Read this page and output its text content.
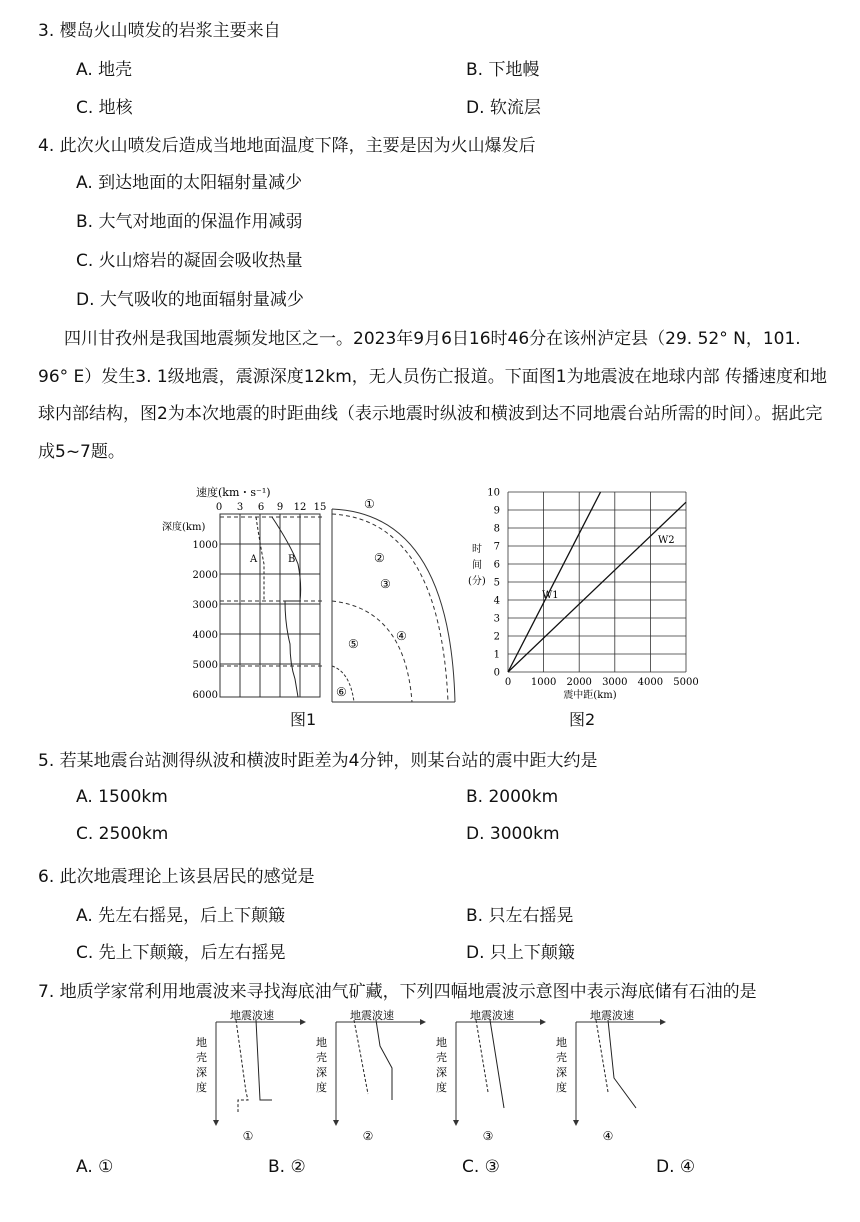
3. 樱岛火山喷发的岩浆主要来自
A. 地壳	B. 下地幔
C. 地核	D. 软流层
4. 此次火山喷发后造成当地地面温度下降，主要是因为火山爆发后
A. 到达地面的太阳辐射量减少
B. 大气对地面的保温作用减弱
C. 火山熔岩的凝固会吸收热量
D. 大气吸收的地面辐射量减少
四川甘孜州是我国地震频发地区之一。2023年9月6日16时46分在该州泸定县（29. 52° N，101. 96° E）发生3. 1级地震，震源深度12km，无人员伤亡报道。下面图1为地震波在地球内部 传播速度和地球内部结构，图2为本次地震的时距曲线（表示地震时纵波和横波到达不同地震台站所需的时间）。据此完成5~7题。
速度(km・s⁻¹)
0 3 6 9 12 15
深度(km)
1000
2000
3000
4000
5000
6000
A	B
①
②
③
④
⑤
⑥
图1
时
间
(分)
0 1000 2000 3000 4000 5000
0
1
2
3
4
5
6
7
8
9
10
震中距(km)
W1
W2
图2
5. 若某地震台站测得纵波和横波时距差为4分钟，则某台站的震中距大约是
A. 1500km	B. 2000km
C. 2500km	D. 3000km
6. 此次地震理论上该县居民的感觉是
A. 先左右摇晃，后上下颠簸	B. 只左右摇晃
C. 先上下颠簸，后左右摇晃	D. 只上下颠簸
7. 地质学家常利用地震波来寻找海底油气矿藏，下列四幅地震波示意图中表示海底储有石油的是
地震波速
地
壳
深
度
①
地震波速
地
壳
深
度
②
地震波速
地
壳
深
度
③
地震波速
地
壳
深
度
④
A. ①	B. ②	C. ③	D. ④
